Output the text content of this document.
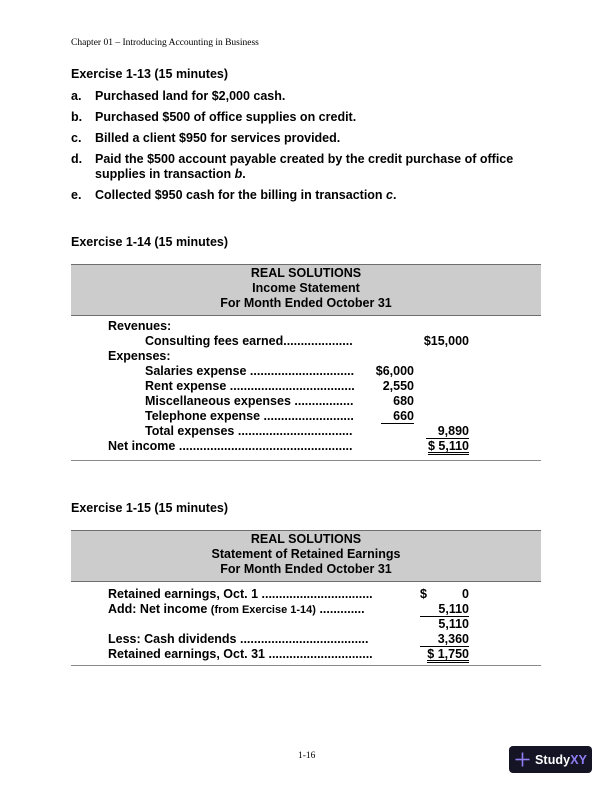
Chapter 01 – Introducing Accounting in Business
Exercise 1-13 (15 minutes)
a.	Purchased land for $2,000 cash.
b.	Purchased $500 of office supplies on credit.
c.	Billed a client $950 for services provided.
d.	Paid the $500 account payable created by the credit purchase of office supplies in transaction b.
e.	Collected $950 cash for the billing in transaction c.
Exercise 1-14 (15 minutes)
REAL SOLUTIONS
Income Statement
For Month Ended October 31
Revenues:
Consulting fees earned....................	$15,000
Expenses:
Salaries expense ..............................	$6,000
Rent expense ....................................	2,550
Miscellaneous expenses .................	680
Telephone expense ..........................	660
Total expenses .................................	9,890
Net income ..................................................	$ 5,110
Exercise 1-15 (15 minutes)
REAL SOLUTIONS
Statement of Retained Earnings
For Month Ended October 31
Retained earnings, Oct. 1 ................................	$	0
Add: Net income (from Exercise 1-14) .............	5,110
5,110
Less: Cash dividends .....................................	3,360
Retained earnings, Oct. 31 ..............................	$ 1,750
1-16	StudyXY
